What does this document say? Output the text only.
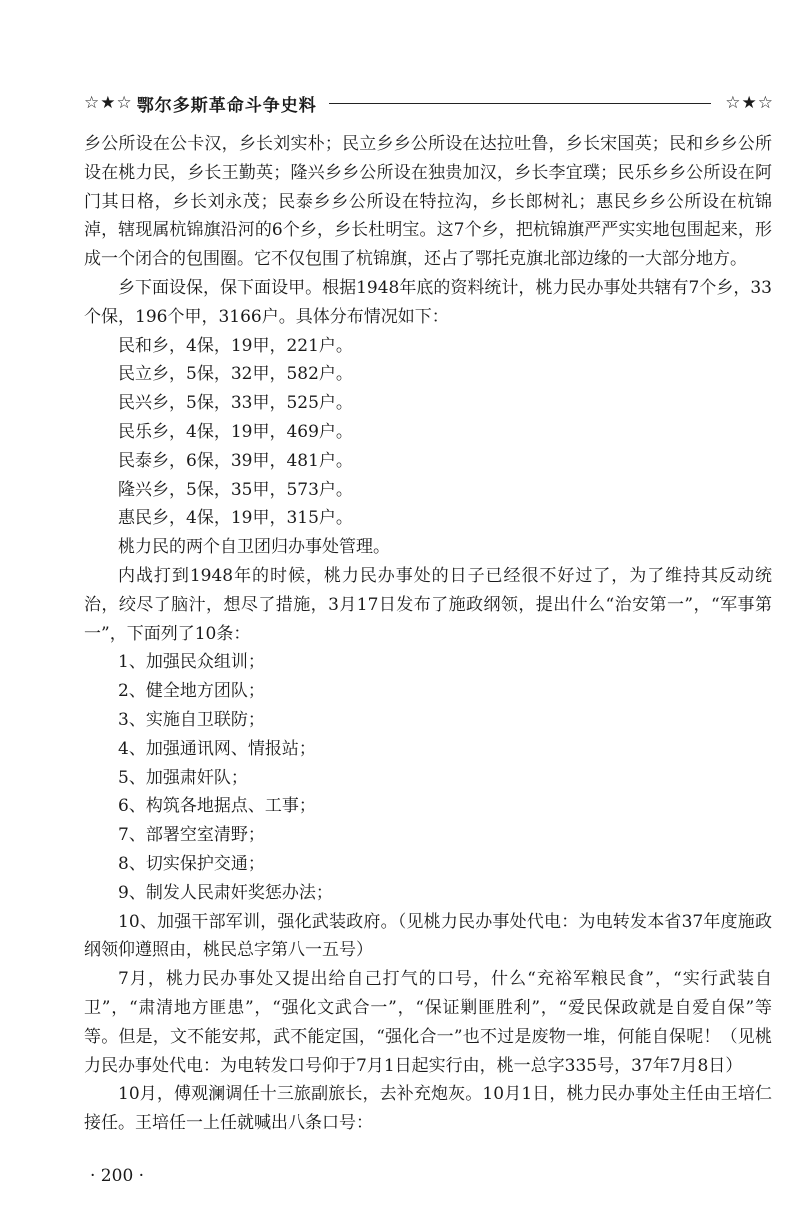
☆★☆ 鄂尔多斯革命斗争史料	☆★☆

乡公所设在公卡汉，乡长刘实朴；民立乡乡公所设在达拉吐鲁，乡长宋国英；民和乡乡公所设在桃力民，乡长王勤英；隆兴乡乡公所设在独贵加汉，乡长李宜璞；民乐乡乡公所设在阿门其日格，乡长刘永茂；民泰乡乡公所设在特拉沟，乡长郎树礼；惠民乡乡公所设在杭锦淖，辖现属杭锦旗沿河的6个乡，乡长杜明宝。这7个乡，把杭锦旗严严实实地包围起来，形成一个闭合的包围圈。它不仅包围了杭锦旗，还占了鄂托克旗北部边缘的一大部分地方。

乡下面设保，保下面设甲。根据1948年底的资料统计，桃力民办事处共辖有7个乡，33个保，196个甲，3166户。具体分布情况如下：

民和乡，4保，19甲，221户。

民立乡，5保，32甲，582户。

民兴乡，5保，33甲，525户。

民乐乡，4保，19甲，469户。

民泰乡，6保，39甲，481户。

隆兴乡，5保，35甲，573户。

惠民乡，4保，19甲，315户。

桃力民的两个自卫团归办事处管理。

内战打到1948年的时候，桃力民办事处的日子已经很不好过了，为了维持其反动统治，绞尽了脑汁，想尽了措施，3月17日发布了施政纲领，提出什么“治安第一”，“军事第一”，下面列了10条：

1、加强民众组训；

2、健全地方团队；

3、实施自卫联防；

4、加强通讯网、情报站；

5、加强肃奸队；

6、构筑各地据点、工事；

7、部署空室清野；

8、切实保护交通；

9、制发人民肃奸奖惩办法；

10、加强干部军训，强化武装政府。（见桃力民办事处代电：为电转发本省37年度施政纲领仰遵照由，桃民总字第八一五号）

7月，桃力民办事处又提出给自己打气的口号，什么“充裕军粮民食”，“实行武装自卫”，“肃清地方匪患”，“强化文武合一”，“保证剿匪胜利”，“爱民保政就是自爱自保”等等。但是，文不能安邦，武不能定国，“强化合一”也不过是废物一堆，何能自保呢！（见桃力民办事处代电：为电转发口号仰于7月1日起实行由，桃一总字335号，37年7月8日）

10月，傅观澜调任十三旅副旅长，去补充炮灰。10月1日，桃力民办事处主任由王培仁接任。王培任一上任就喊出八条口号：

· 200 ·
